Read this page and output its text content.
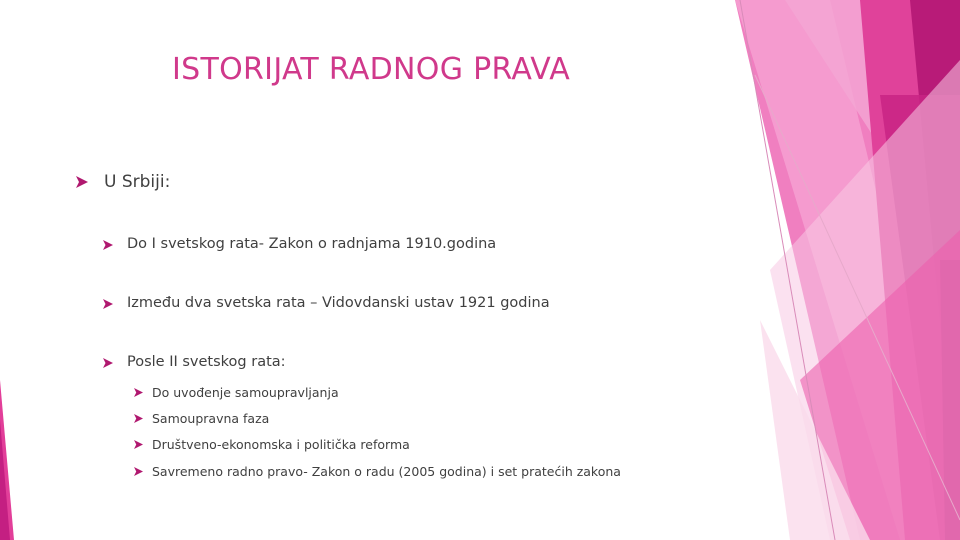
ISTORIJAT RADNOG PRAVA
U Srbiji:
Do I svetskog rata- Zakon o radnjama 1910.godina
Između dva svetska rata – Vidovdanski ustav 1921 godina
Posle II svetskog rata:
Do uvođenje samoupravljanja
Samoupravna faza
Društveno-ekonomska i politička reforma
Savremeno radno pravo- Zakon o radu (2005 godina) i set pratećih zakona
